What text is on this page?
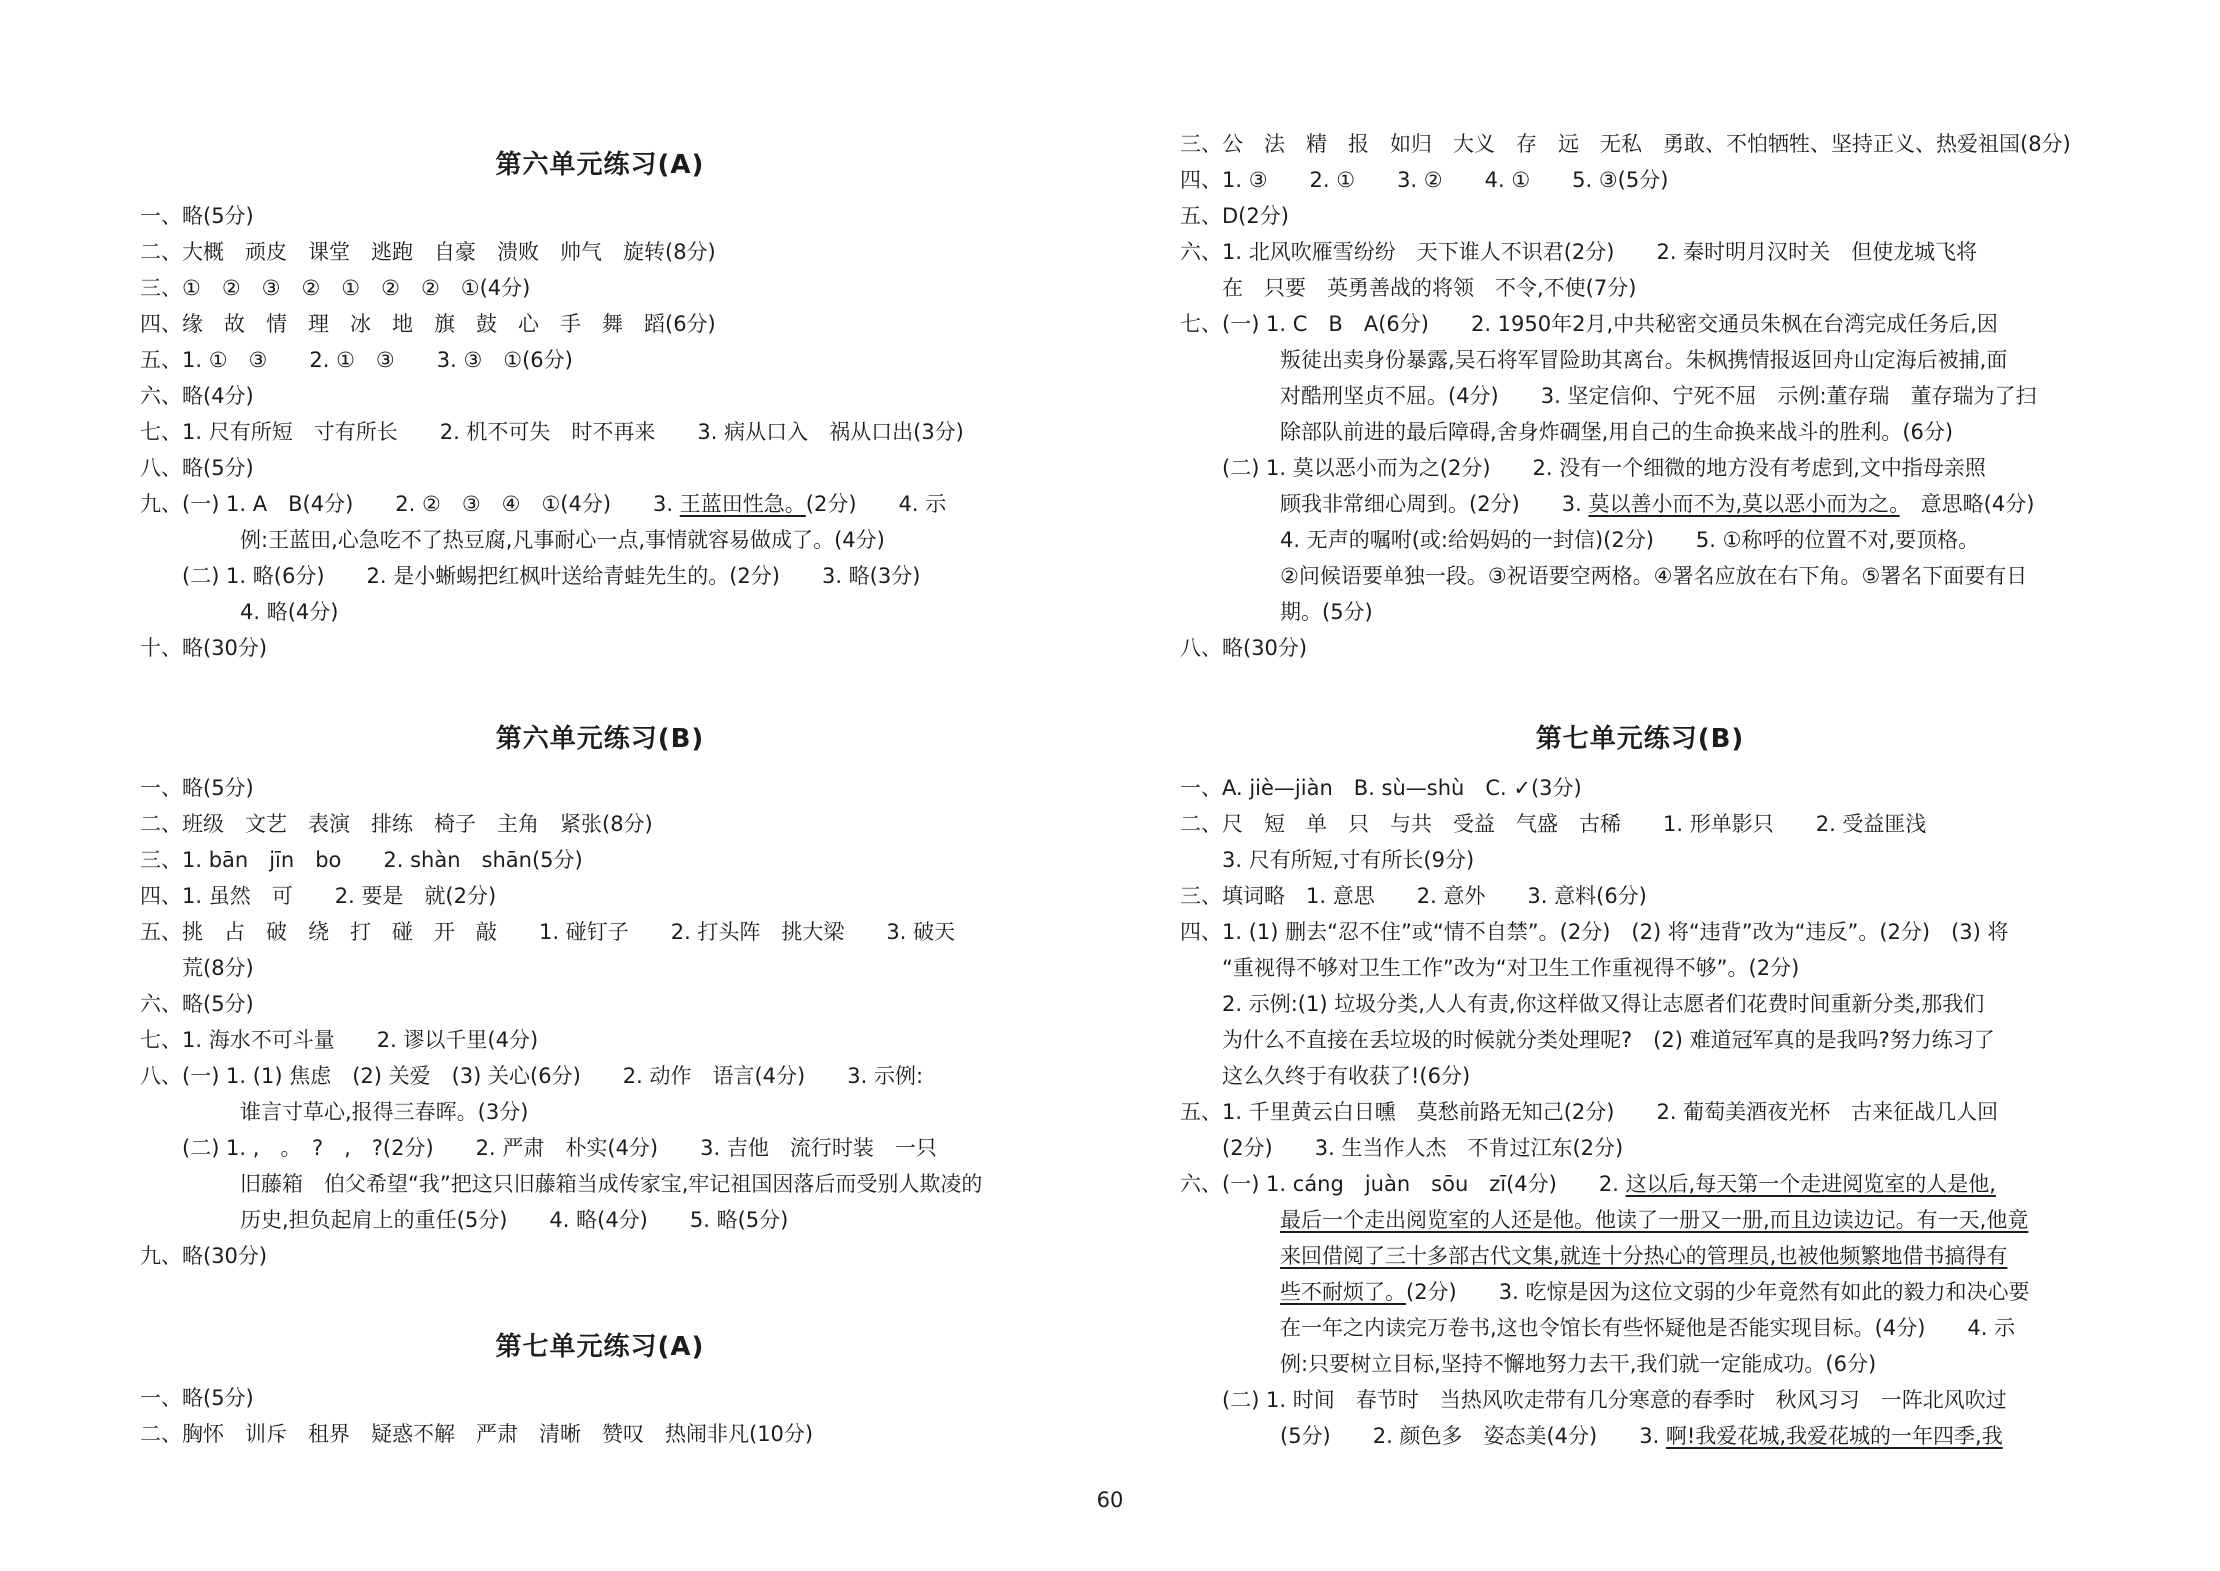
第六单元练习(A)
一、略(5分)
二、大概　顽皮　课堂　逃跑　自豪　溃败　帅气　旋转(8分)
三、①　②　③　②　①　②　②　①(4分)
四、缘　故　情　理　冰　地　旗　鼓　心　手　舞　蹈(6分)
五、1. ①　③　　2. ①　③　　3. ③　①(6分)
六、略(4分)
七、1. 尺有所短　寸有所长　　2. 机不可失　时不再来　　3. 病从口入　祸从口出(3分)
八、略(5分)
九、(一) 1. A　B(4分)　　2. ②　③　④　①(4分)　　3. 王蓝田性急。(2分)　　4. 示
例:王蓝田,心急吃不了热豆腐,凡事耐心一点,事情就容易做成了。(4分)
(二) 1. 略(6分)　　2. 是小蜥蜴把红枫叶送给青蛙先生的。(2分)　　3. 略(3分)
4. 略(4分)
十、略(30分)
第六单元练习(B)
一、略(5分)
二、班级　文艺　表演　排练　椅子　主角　紧张(8分)
三、1. bān　jīn　bo　　2. shàn　shān(5分)
四、1. 虽然　可　　2. 要是　就(2分)
五、挑　占　破　绕　打　碰　开　敲　　1. 碰钉子　　2. 打头阵　挑大梁　　3. 破天
荒(8分)
六、略(5分)
七、1. 海水不可斗量　　2. 谬以千里(4分)
八、(一) 1. (1) 焦虑　(2) 关爱　(3) 关心(6分)　　2. 动作　语言(4分)　　3. 示例:
谁言寸草心,报得三春晖。(3分)
(二) 1. ,　。　?　,　?(2分)　　2. 严肃　朴实(4分)　　3. 吉他　流行时装　一只
旧藤箱　伯父希望“我”把这只旧藤箱当成传家宝,牢记祖国因落后而受别人欺凌的
历史,担负起肩上的重任(5分)　　4. 略(4分)　　5. 略(5分)
九、略(30分)
第七单元练习(A)
一、略(5分)
二、胸怀　训斥　租界　疑惑不解　严肃　清晰　赞叹　热闹非凡(10分)
三、公　法　精　报　如归　大义　存　远　无私　勇敢、不怕牺牲、坚持正义、热爱祖国(8分)
四、1. ③　　2. ①　　3. ②　　4. ①　　5. ③(5分)
五、D(2分)
六、1. 北风吹雁雪纷纷　天下谁人不识君(2分)　　2. 秦时明月汉时关　但使龙城飞将
在　只要　英勇善战的将领　不令,不使(7分)
七、(一) 1. C　B　A(6分)　　2. 1950年2月,中共秘密交通员朱枫在台湾完成任务后,因
叛徒出卖身份暴露,吴石将军冒险助其离台。朱枫携情报返回舟山定海后被捕,面
对酷刑坚贞不屈。(4分)　　3. 坚定信仰、宁死不屈　示例:董存瑞　董存瑞为了扫
除部队前进的最后障碍,舍身炸碉堡,用自己的生命换来战斗的胜利。(6分)
(二) 1. 莫以恶小而为之(2分)　　2. 没有一个细微的地方没有考虑到,文中指母亲照
顾我非常细心周到。(2分)　　3. 莫以善小而不为,莫以恶小而为之。　意思略(4分)
4. 无声的嘱咐(或:给妈妈的一封信)(2分)　　5. ①称呼的位置不对,要顶格。
②问候语要单独一段。③祝语要空两格。④署名应放在右下角。⑤署名下面要有日
期。(5分)
八、略(30分)
第七单元练习(B)
一、A. jiè—jiàn　B. sù—shù　C. ✓(3分)
二、尺　短　单　只　与共　受益　气盛　古稀　　1. 形单影只　　2. 受益匪浅
3. 尺有所短,寸有所长(9分)
三、填词略　1. 意思　　2. 意外　　3. 意料(6分)
四、1. (1) 删去“忍不住”或“情不自禁”。(2分)　(2) 将“违背”改为“违反”。(2分)　(3) 将
“重视得不够对卫生工作”改为“对卫生工作重视得不够”。(2分)
2. 示例:(1) 垃圾分类,人人有责,你这样做又得让志愿者们花费时间重新分类,那我们
为什么不直接在丢垃圾的时候就分类处理呢?　(2) 难道冠军真的是我吗?努力练习了
这么久终于有收获了!(6分)
五、1. 千里黄云白日曛　莫愁前路无知己(2分)　　2. 葡萄美酒夜光杯　古来征战几人回
(2分)　　3. 生当作人杰　不肯过江东(2分)
六、(一) 1. cáng　juàn　sōu　zī(4分)　　2. 这以后,每天第一个走进阅览室的人是他,
最后一个走出阅览室的人还是他。他读了一册又一册,而且边读边记。有一天,他竟
来回借阅了三十多部古代文集,就连十分热心的管理员,也被他频繁地借书搞得有
些不耐烦了。(2分)　　3. 吃惊是因为这位文弱的少年竟然有如此的毅力和决心要
在一年之内读完万卷书,这也令馆长有些怀疑他是否能实现目标。(4分)　　4. 示
例:只要树立目标,坚持不懈地努力去干,我们就一定能成功。(6分)
(二) 1. 时间　春节时　当热风吹走带有几分寒意的春季时　秋风习习　一阵北风吹过
(5分)　　2. 颜色多　姿态美(4分)　　3. 啊!我爱花城,我爱花城的一年四季,我
60
